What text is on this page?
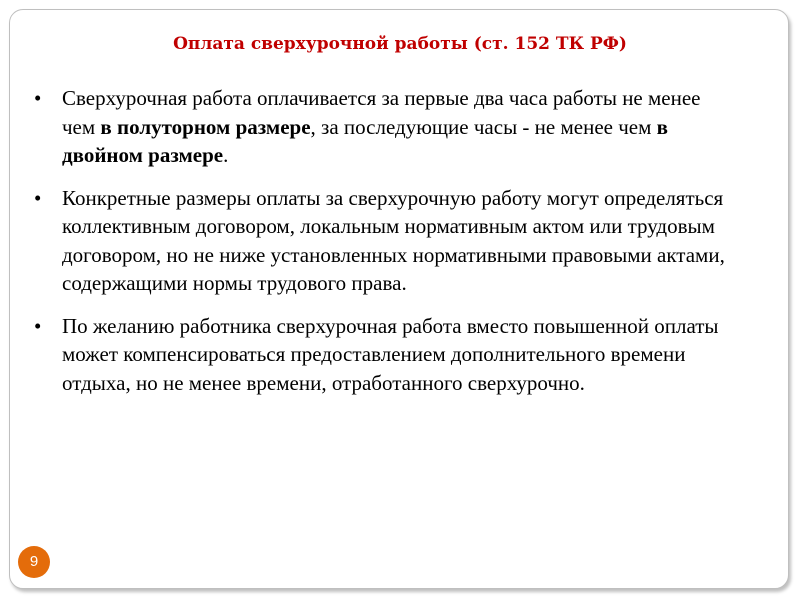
Оплата сверхурочной работы (ст. 152 ТК РФ)
• Сверхурочная работа оплачивается за первые два часа работы не менее чем в полуторном размере, за последующие часы - не менее чем в двойном размере.
• Конкретные размеры оплаты за сверхурочную работу могут определяться коллективным договором, локальным нормативным актом или трудовым договором, но не ниже установленных нормативными правовыми актами, содержащими нормы трудового права.
• По желанию работника сверхурочная работа вместо повышенной оплаты может компенсироваться предоставлением дополнительного времени отдыха, но не менее времени, отработанного сверхурочно.
9
